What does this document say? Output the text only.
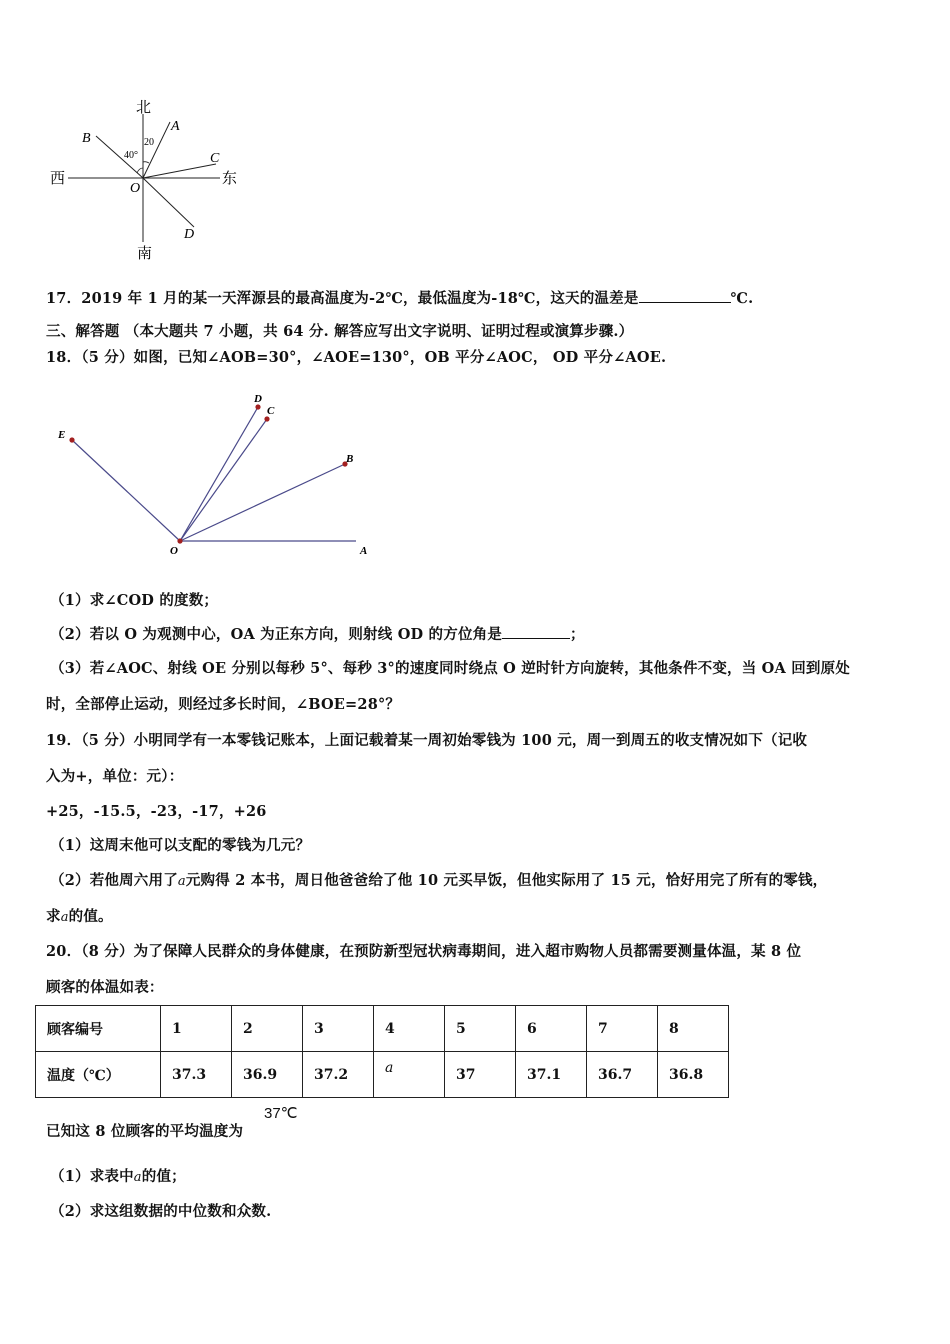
北
南
西	东
B
A
C
D
O
40°
20
17．2019 年 1 月的某一天浑源县的最高温度为-2℃，最低温度为-18℃，这天的温差是	℃.
三、解答题 （本大题共 7 小题，共 64 分. 解答应写出文字说明、证明过程或演算步骤.）
18．（5 分）如图，已知∠AOB=30°，∠AOE=130°，OB 平分∠AOC， OD 平分∠AOE.
E
D
C
B
O	A
（1）求∠COD 的度数；
（2）若以 O 为观测中心，OA 为正东方向，则射线 OD 的方位角是	；
（3）若∠AOC、射线 OE 分别以每秒 5°、每秒 3°的速度同时绕点 O 逆时针方向旋转，其他条件不变，当 OA 回到原处
时，全部停止运动，则经过多长时间，∠BOE=28°？
19．（5 分）小明同学有一本零钱记账本，上面记载着某一周初始零钱为 100 元，周一到周五的收支情况如下（记收
入为+，单位：元）：
+25，-15.5，-23，-17，+26
（1）这周末他可以支配的零钱为几元？
（2）若他周六用了a元购得 2 本书，周日他爸爸给了他 10 元买早饭，但他实际用了 15 元，恰好用完了所有的零钱，
求a的值。
20．（8 分）为了保障人民群众的身体健康，在预防新型冠状病毒期间，进入超市购物人员都需要测量体温，某 8 位
顾客的体温如表：
顾客编号	1	2	3	4	5	6	7	8
温度（℃）	37.3	36.9	37.2	a	37	37.1	36.7	36.8
已知这 8 位顾客的平均温度为
37℃
（1）求表中a的值；
（2）求这组数据的中位数和众数.
